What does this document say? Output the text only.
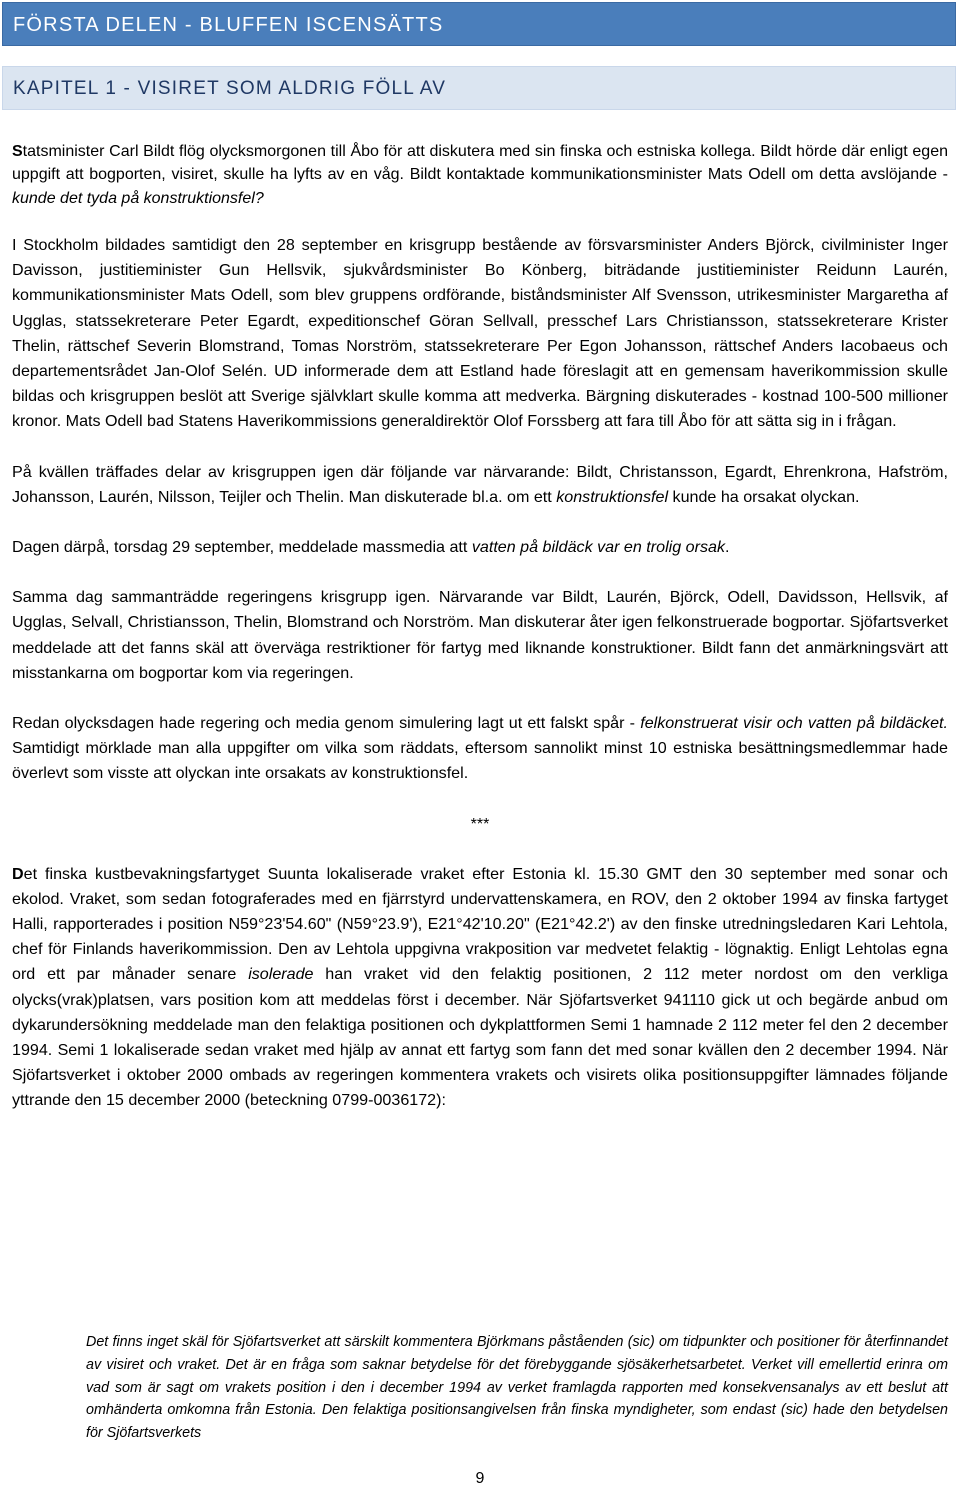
FÖRSTA DELEN - BLUFFEN ISCENSÄTTS
KAPITEL 1 - VISIRET SOM ALDRIG FÖLL AV

Statsminister Carl Bildt flög olycksmorgonen till Åbo för att diskutera med sin finska och estniska kollega. Bildt hörde där enligt egen uppgift att bogporten, visiret, skulle ha lyfts av en våg. Bildt kontaktade kommunikationsminister Mats Odell om detta avslöjande - kunde det tyda på konstruktionsfel?

I Stockholm bildades samtidigt den 28 september en krisgrupp bestående av försvarsminister Anders Björck, civilminister Inger Davisson, justitieminister Gun Hellsvik, sjukvårdsminister Bo Könberg, biträdande justitieminister Reidunn Laurén, kommunikationsminister Mats Odell, som blev gruppens ordförande, biståndsminister Alf Svensson, utrikesminister Margaretha af Ugglas, statssekreterare Peter Egardt, expeditionschef Göran Sellvall, presschef Lars Christiansson, statssekreterare Krister Thelin, rättschef Severin Blomstrand, Tomas Norström, statssekreterare Per Egon Johansson, rättschef Anders Iacobaeus och departementsrådet Jan-Olof Selén. UD informerade dem att Estland hade föreslagit att en gemensam haverikommission skulle bildas och krisgruppen beslöt att Sverige självklart skulle komma att medverka. Bärgning diskuterades - kostnad 100-500 millioner kronor. Mats Odell bad Statens Haverikommissions generaldirektör Olof Forssberg att fara till Åbo för att sätta sig in i frågan.

På kvällen träffades delar av krisgruppen igen där följande var närvarande: Bildt, Christansson, Egardt, Ehrenkrona, Hafström, Johansson, Laurén, Nilsson, Teijler och Thelin. Man diskuterade bl.a. om ett konstruktionsfel kunde ha orsakat olyckan.

Dagen därpå, torsdag 29 september, meddelade massmedia att vatten på bildäck var en trolig orsak.

Samma dag sammanträdde regeringens krisgrupp igen. Närvarande var Bildt, Laurén, Björck, Odell, Davidsson, Hellsvik, af Ugglas, Selvall, Christiansson, Thelin, Blomstrand och Norström. Man diskuterar åter igen felkonstruerade bogportar. Sjöfartsverket meddelade att det fanns skäl att överväga restriktioner för fartyg med liknande konstruktioner. Bildt fann det anmärkningsvärt att misstankarna om bogportar kom via regeringen.

Redan olycksdagen hade regering och media genom simulering lagt ut ett falskt spår - felkonstruerat visir och vatten på bildäcket. Samtidigt mörklade man alla uppgifter om vilka som räddats, eftersom sannolikt minst 10 estniska besättningsmedlemmar hade överlevt som visste att olyckan inte orsakats av konstruktionsfel.

***

Det finska kustbevakningsfartyget Suunta lokaliserade vraket efter Estonia kl. 15.30 GMT den 30 september med sonar och ekolod. Vraket, som sedan fotograferades med en fjärrstyrd undervattenskamera, en ROV, den 2 oktober 1994 av finska fartyget Halli, rapporterades i position N59°23'54.60" (N59°23.9'), E21°42'10.20" (E21°42.2') av den finske utredningsledaren Kari Lehtola, chef för Finlands haverikommission. Den av Lehtola uppgivna vrakposition var medvetet felaktig - lögnaktig. Enligt Lehtolas egna ord ett par månader senare isolerade han vraket vid den felaktig positionen, 2 112 meter nordost om den verkliga olycks(vrak)platsen, vars position kom att meddelas först i december. När Sjöfartsverket 941110 gick ut och begärde anbud om dykarundersökning meddelade man den felaktiga positionen och dykplattformen Semi 1 hamnade 2 112 meter fel den 2 december 1994. Semi 1 lokaliserade sedan vraket med hjälp av annat ett fartyg som fann det med sonar kvällen den 2 december 1994. När Sjöfartsverket i oktober 2000 ombads av regeringen kommentera vrakets och visirets olika positionsuppgifter lämnades följande yttrande den 15 december 2000 (beteckning 0799-0036172):

Det finns inget skäl för Sjöfartsverket att särskilt kommentera Björkmans påståenden (sic) om tidpunkter och positioner för återfinnandet av visiret och vraket. Det är en fråga som saknar betydelse för det förebyggande sjösäkerhetsarbetet. Verket vill emellertid erinra om vad som är sagt om vrakets position i den i december 1994 av verket framlagda rapporten med konsekvensanalys av ett beslut att omhänderta omkomna från Estonia. Den felaktiga positionsangivelsen från finska myndigheter, som endast (sic) hade den betydelsen för Sjöfartsverkets
9
